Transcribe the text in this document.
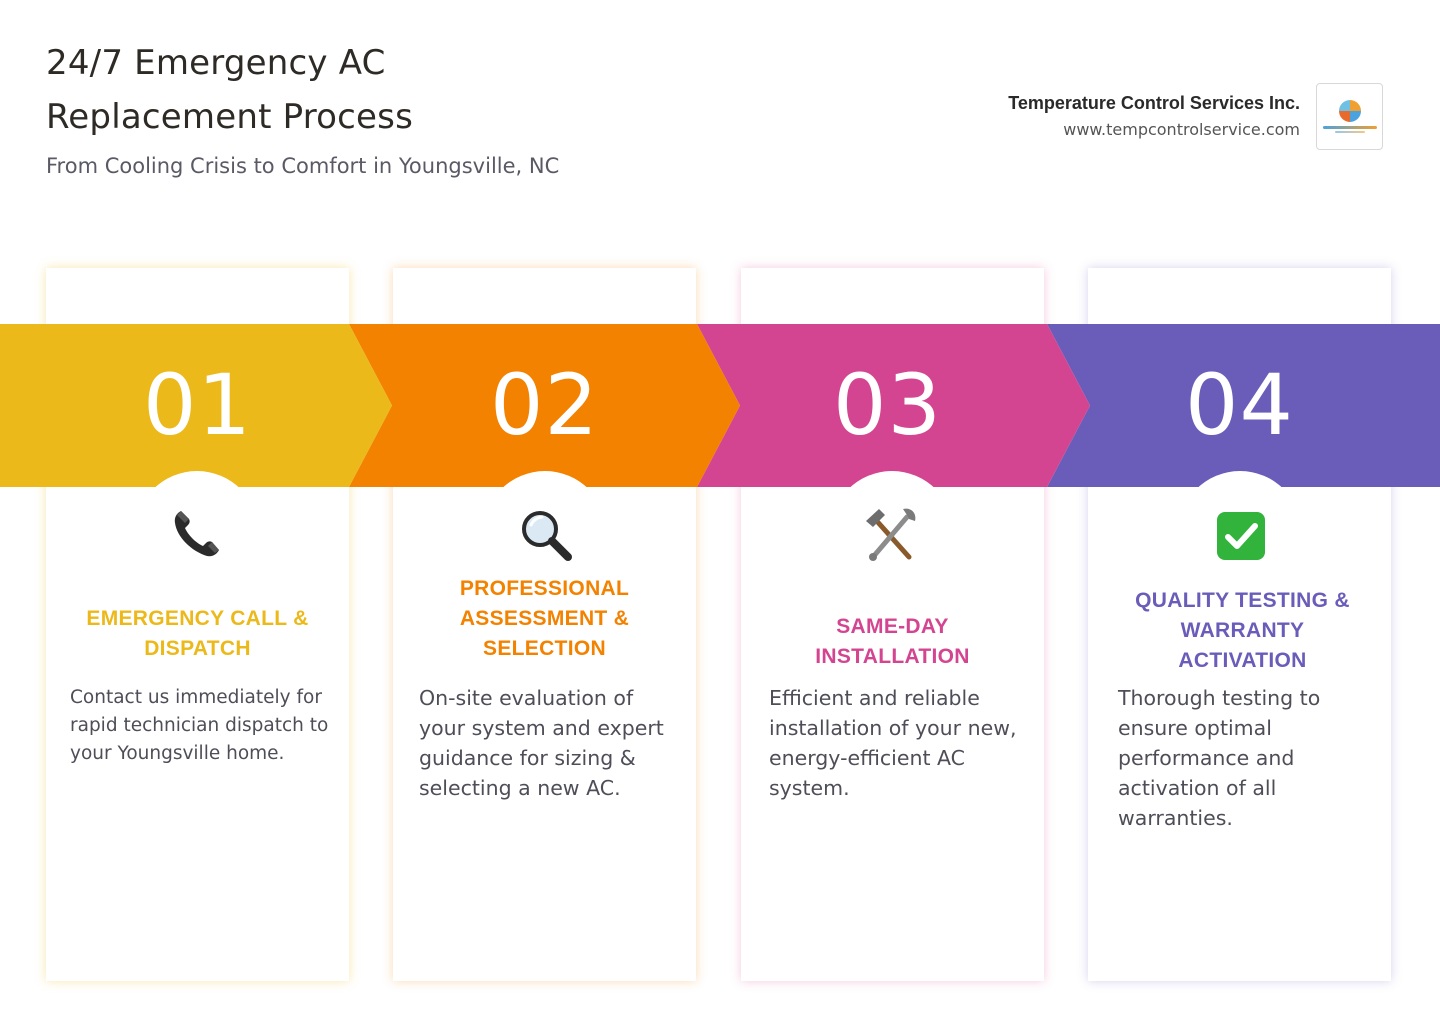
24/7 Emergency AC
Replacement Process
From Cooling Crisis to Comfort in Youngsville, NC
Temperature Control Services Inc.
www.tempcontrolservice.com
01	02	03	04
EMERGENCY CALL &
DISPATCH
PROFESSIONAL
ASSESSMENT &
SELECTION
SAME-DAY
INSTALLATION
QUALITY TESTING &
WARRANTY
ACTIVATION
Contact us immediately for rapid technician dispatch to your Youngsville home.
On-site evaluation of your system and expert guidance for sizing & selecting a new AC.
Efficient and reliable installation of your new, energy-efficient AC system.
Thorough testing to ensure optimal performance and activation of all warranties.
